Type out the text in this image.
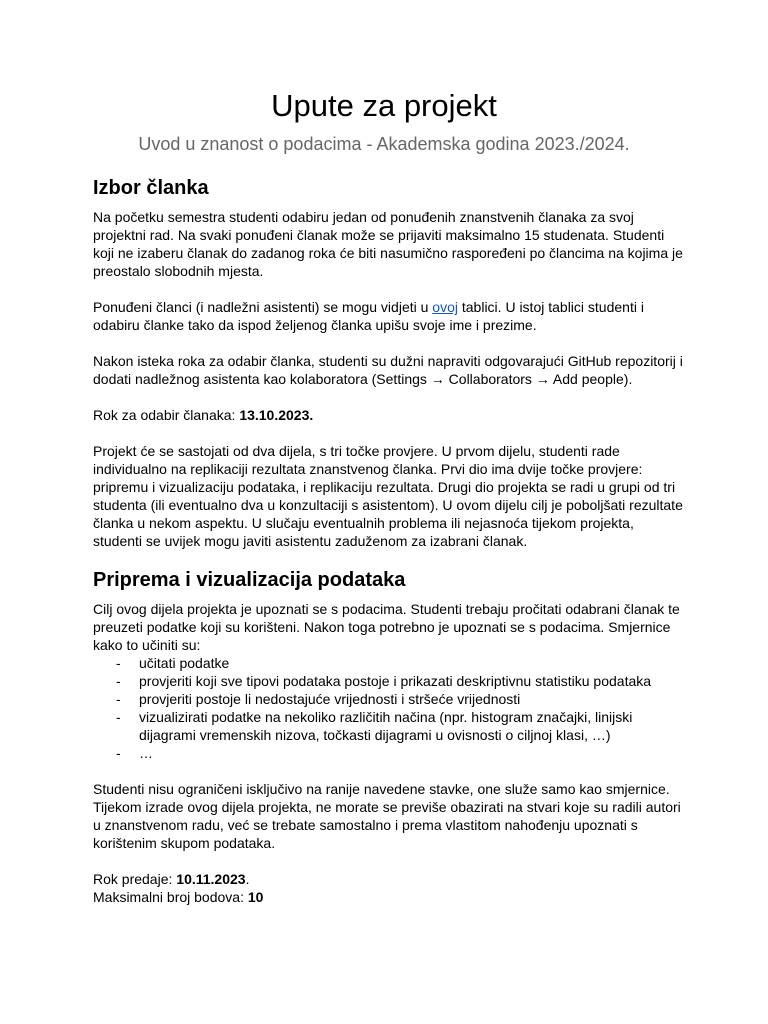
Upute za projekt
Uvod u znanost o podacima - Akademska godina 2023./2024.
Izbor članka

Na početku semestra studenti odabiru jedan od ponuđenih znanstvenih članaka za svoj projektni rad. Na svaki ponuđeni članak može se prijaviti maksimalno 15 studenata. Studenti koji ne izaberu članak do zadanog roka će biti nasumično raspoređeni po člancima na kojima je preostalo slobodnih mjesta.

Ponuđeni članci (i nadležni asistenti) se mogu vidjeti u ovoj tablici. U istoj tablici studenti i odabiru članke tako da ispod željenog članka upišu svoje ime i prezime.

Nakon isteka roka za odabir članka, studenti su dužni napraviti odgovarajući GitHub repozitorij i dodati nadležnog asistenta kao kolaboratora (Settings → Collaborators → Add people).

Rok za odabir članaka: 13.10.2023.

Projekt će se sastojati od dva dijela, s tri točke provjere. U prvom dijelu, studenti rade individualno na replikaciji rezultata znanstvenog članka. Prvi dio ima dvije točke provjere: pripremu i vizualizaciju podataka, i replikaciju rezultata. Drugi dio projekta se radi u grupi od tri studenta (ili eventualno dva u konzultaciji s asistentom). U ovom dijelu cilj je poboljšati rezultate članka u nekom aspektu. U slučaju eventualnih problema ili nejasnoća tijekom projekta, studenti se uvijek mogu javiti asistentu zaduženom za izabrani članak.

Priprema i vizualizacija podataka

Cilj ovog dijela projekta je upoznati se s podacima. Studenti trebaju pročitati odabrani članak te preuzeti podatke koji su korišteni. Nakon toga potrebno je upoznati se s podacima. Smjernice kako to učiniti su:

- učitati podatke
- provjeriti koji sve tipovi podataka postoje i prikazati deskriptivnu statistiku podataka
- provjeriti postoje li nedostajuće vrijednosti i stršeće vrijednosti
- vizualizirati podatke na nekoliko različitih načina (npr. histogram značajki, linijski dijagrami vremenskih nizova, točkasti dijagrami u ovisnosti o ciljnoj klasi, …)
- …

Studenti nisu ograničeni isključivo na ranije navedene stavke, one služe samo kao smjernice. Tijekom izrade ovog dijela projekta, ne morate se previše obazirati na stvari koje su radili autori u znanstvenom radu, već se trebate samostalno i prema vlastitom nahođenju upoznati s korištenim skupom podataka.

Rok predaje: 10.11.2023.

Maksimalni broj bodova: 10
